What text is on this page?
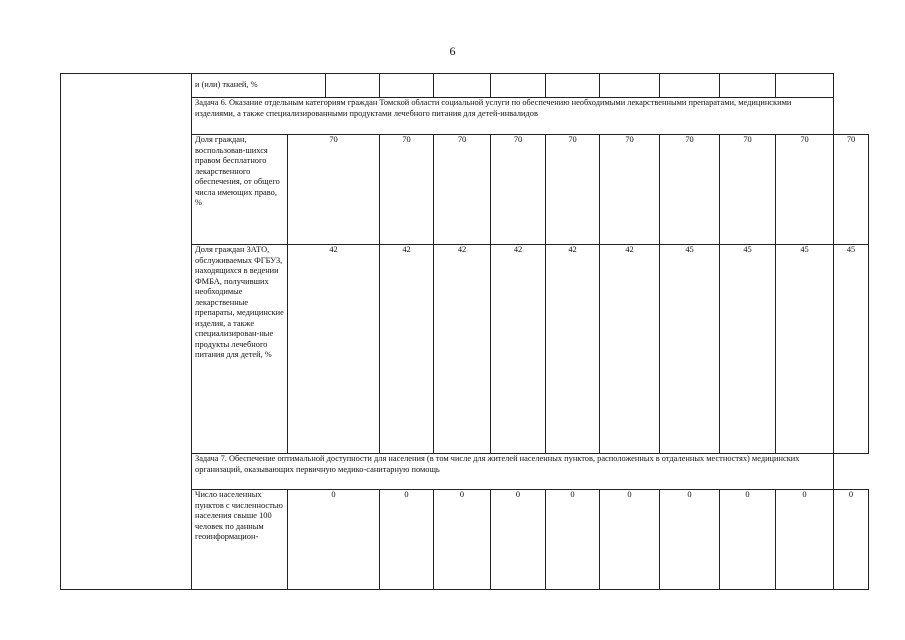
6
	и (или) тканей, %											
	Задача 6. Оказание отдельным категориям граждан Томской области социальной услуги по обеспечению необходимыми лекарственными препаратами, медицинскими изделиями, а также специализированными продуктами лечебного питания для детей-инвалидов											
	Доля граждан, воспользовав-шихся правом бесплатного лекарственного обеспечения, от общего числа имеющих право, %	70		70	70	70	70	70	70	70	70	70
	Доля граждан ЗАТО, обслуживаемых ФГБУЗ, находящихся в ведении ФМБА, получивших необходимые лекарственные препараты, медицинские изделия, а также специализирован-ные продукты лечебного питания для детей, %	42		42	42	42	42	42	45	45	45	45
	Задача 7. Обеспечение оптимальной доступности для населения (в том числе для жителей населенных пунктов, расположенных в отдаленных местностях) медицинских организаций, оказывающих первичную медико-санитарную помощь											
	Число населенных пунктов с численностью населения свыше 100 человек по данным геоинформацион-	0		0	0	0	0	0	0	0	0	0
